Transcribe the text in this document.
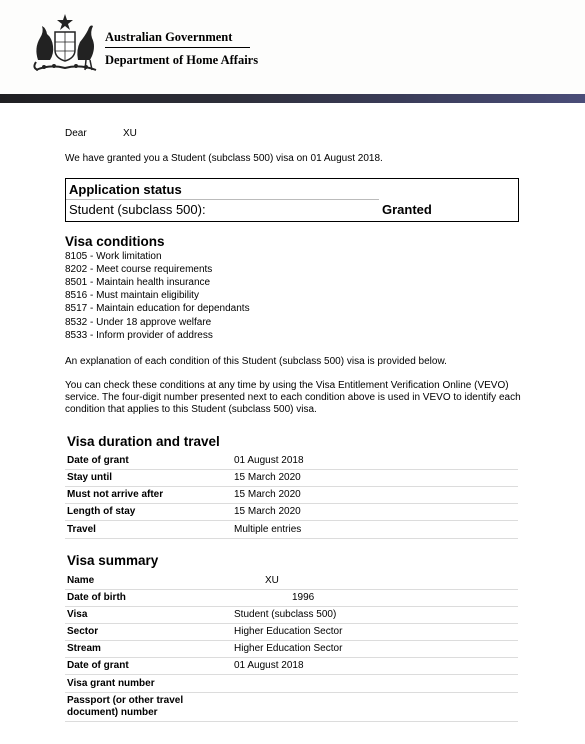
Australian Government
Department of Home Affairs
Dear	XU
We have granted you a Student (subclass 500) visa on 01 August 2018.
Application status
Student (subclass 500):	Granted
Visa conditions
8105 - Work limitation
8202 - Meet course requirements
8501 - Maintain health insurance
8516 - Must maintain eligibility
8517 - Maintain education for dependants
8532 - Under 18 approve welfare
8533 - Inform provider of address
An explanation of each condition of this Student (subclass 500) visa is provided below.
You can check these conditions at any time by using the Visa Entitlement Verification Online (VEVO) service. The four-digit number presented next to each condition above is used in VEVO to identify each condition that applies to this Student (subclass 500) visa.
Visa duration and travel
Date of grant	01 August 2018
Stay until	15 March 2020
Must not arrive after	15 March 2020
Length of stay	15 March 2020
Travel	Multiple entries
Visa summary
Name	XU
Date of birth	1996
Visa	Student (subclass 500)
Sector	Higher Education Sector
Stream	Higher Education Sector
Date of grant	01 August 2018
Visa grant number
Passport (or other travel document) number
